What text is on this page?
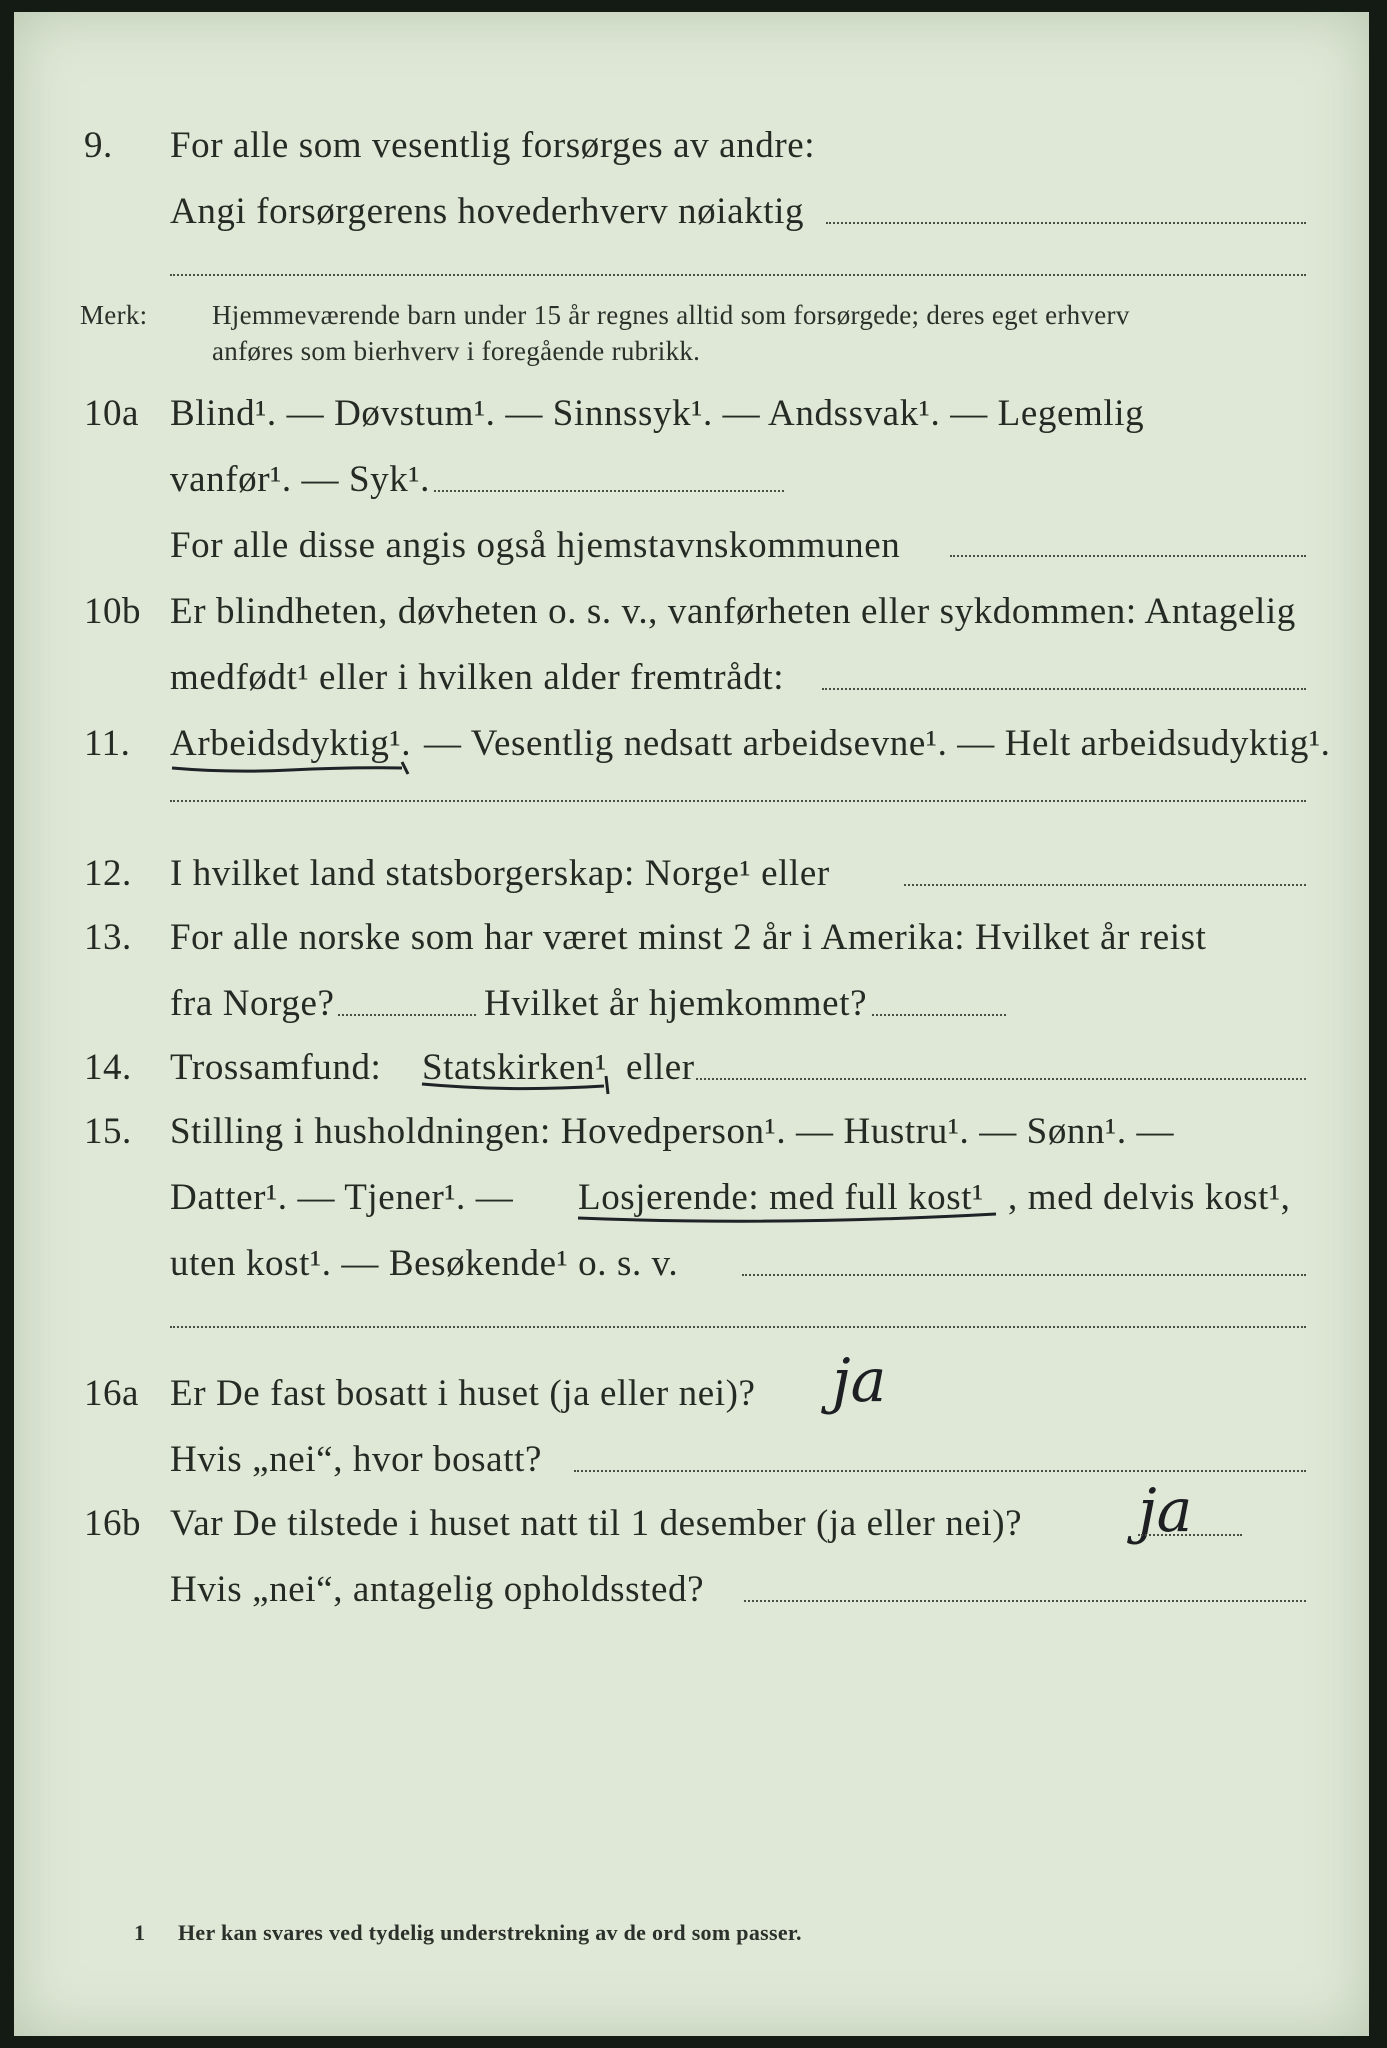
9. For alle som vesentlig forsørges av andre:
Angi forsørgerens hovederhverv nøiaktig
Merk: Hjemmeværende barn under 15 år regnes alltid som forsørgede; deres eget erhverv
anføres som bierhverv i foregående rubrikk.
10a Blind¹. — Døvstum¹. — Sinnssyk¹. — Andssvak¹. — Legemlig
vanfør¹. — Syk¹.
For alle disse angis også hjemstavnskommunen
10b Er blindheten, døvheten o. s. v., vanførheten eller sykdommen: Antagelig
medfødt¹ eller i hvilken alder fremtrådt:
11. Arbeidsdyktig¹. — Vesentlig nedsatt arbeidsevne¹. — Helt arbeidsudyktig¹.
12. I hvilket land statsborgerskap: Norge¹ eller
13. For alle norske som har været minst 2 år i Amerika: Hvilket år reist
fra Norge?	Hvilket år hjemkommet?
14. Trossamfund: Statskirken¹ eller
15. Stilling i husholdningen: Hovedperson¹. — Hustru¹. — Sønn¹. —
Datter¹. — Tjener¹. — Losjerende: med full kost¹ , med delvis kost¹,
uten kost¹. — Besøkende¹ o. s. v.
16a Er De fast bosatt i huset (ja eller nei)? ja
Hvis „nei“, hvor bosatt?
16b Var De tilstede i huset natt til 1 desember (ja eller nei)? ja
Hvis „nei“, antagelig opholdssted?
1 Her kan svares ved tydelig understrekning av de ord som passer.
